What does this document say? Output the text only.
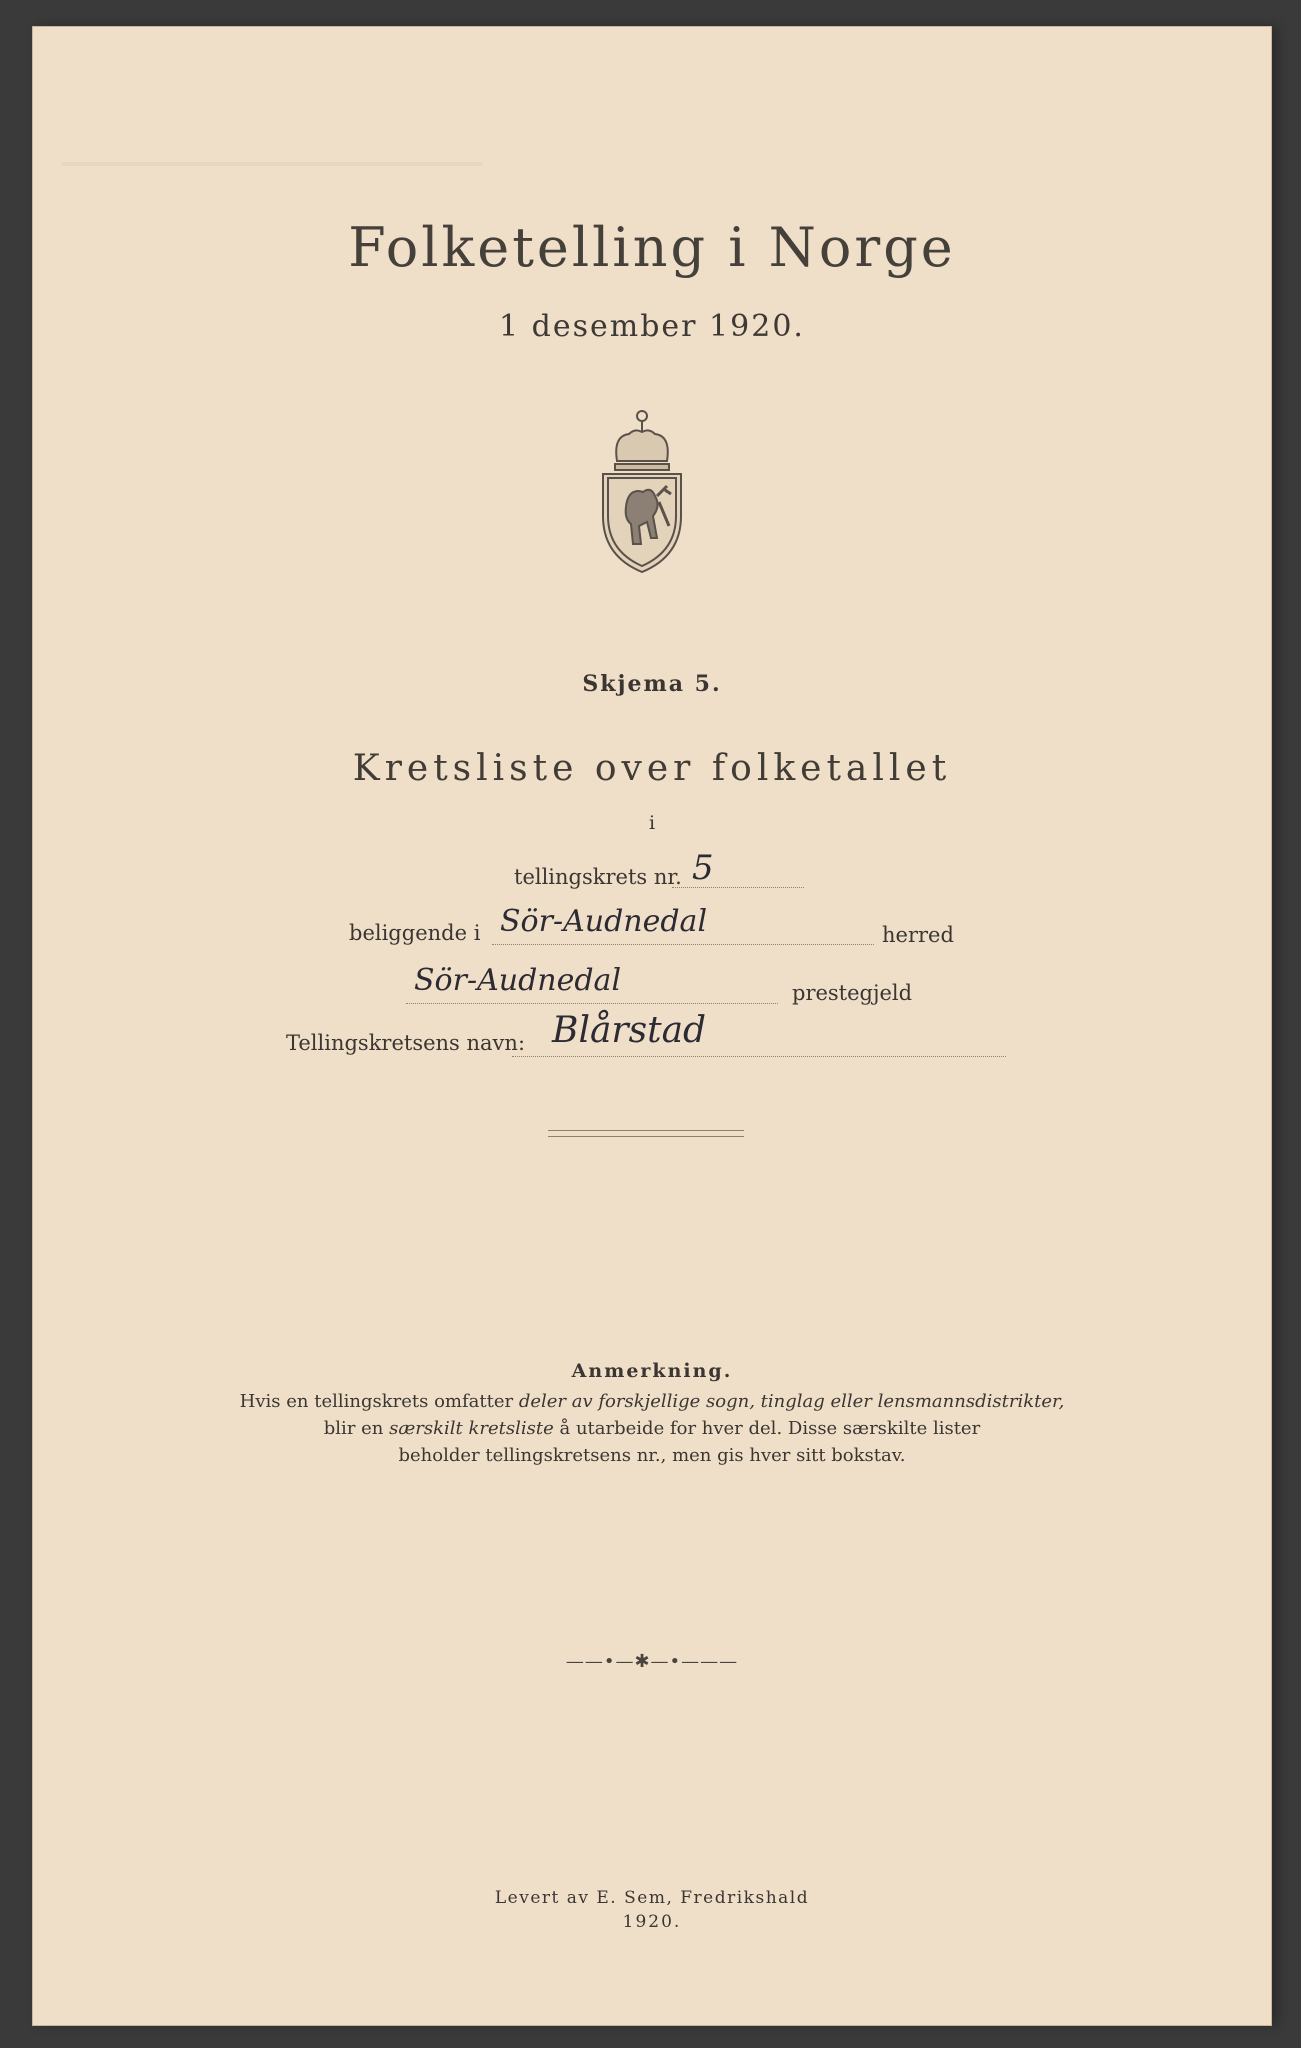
Folketelling i Norge
1 desember 1920.
Skjema 5.
Kretsliste over folketallet
i
tellingskrets nr. 5
beliggende i Sör-Audnedal	herred
Sör-Audnedal	prestegjeld
Tellingskretsens navn: Blårstad
Anmerkning.
Hvis en tellingskrets omfatter deler av forskjellige sogn, tinglag eller lensmannsdistrikter,
blir en særskilt kretsliste å utarbeide for hver del. Disse særskilte lister
beholder tellingskretsens nr., men gis hver sitt bokstav.
——•—✱—•———
Levert av E. Sem, Fredrikshald
1920.
